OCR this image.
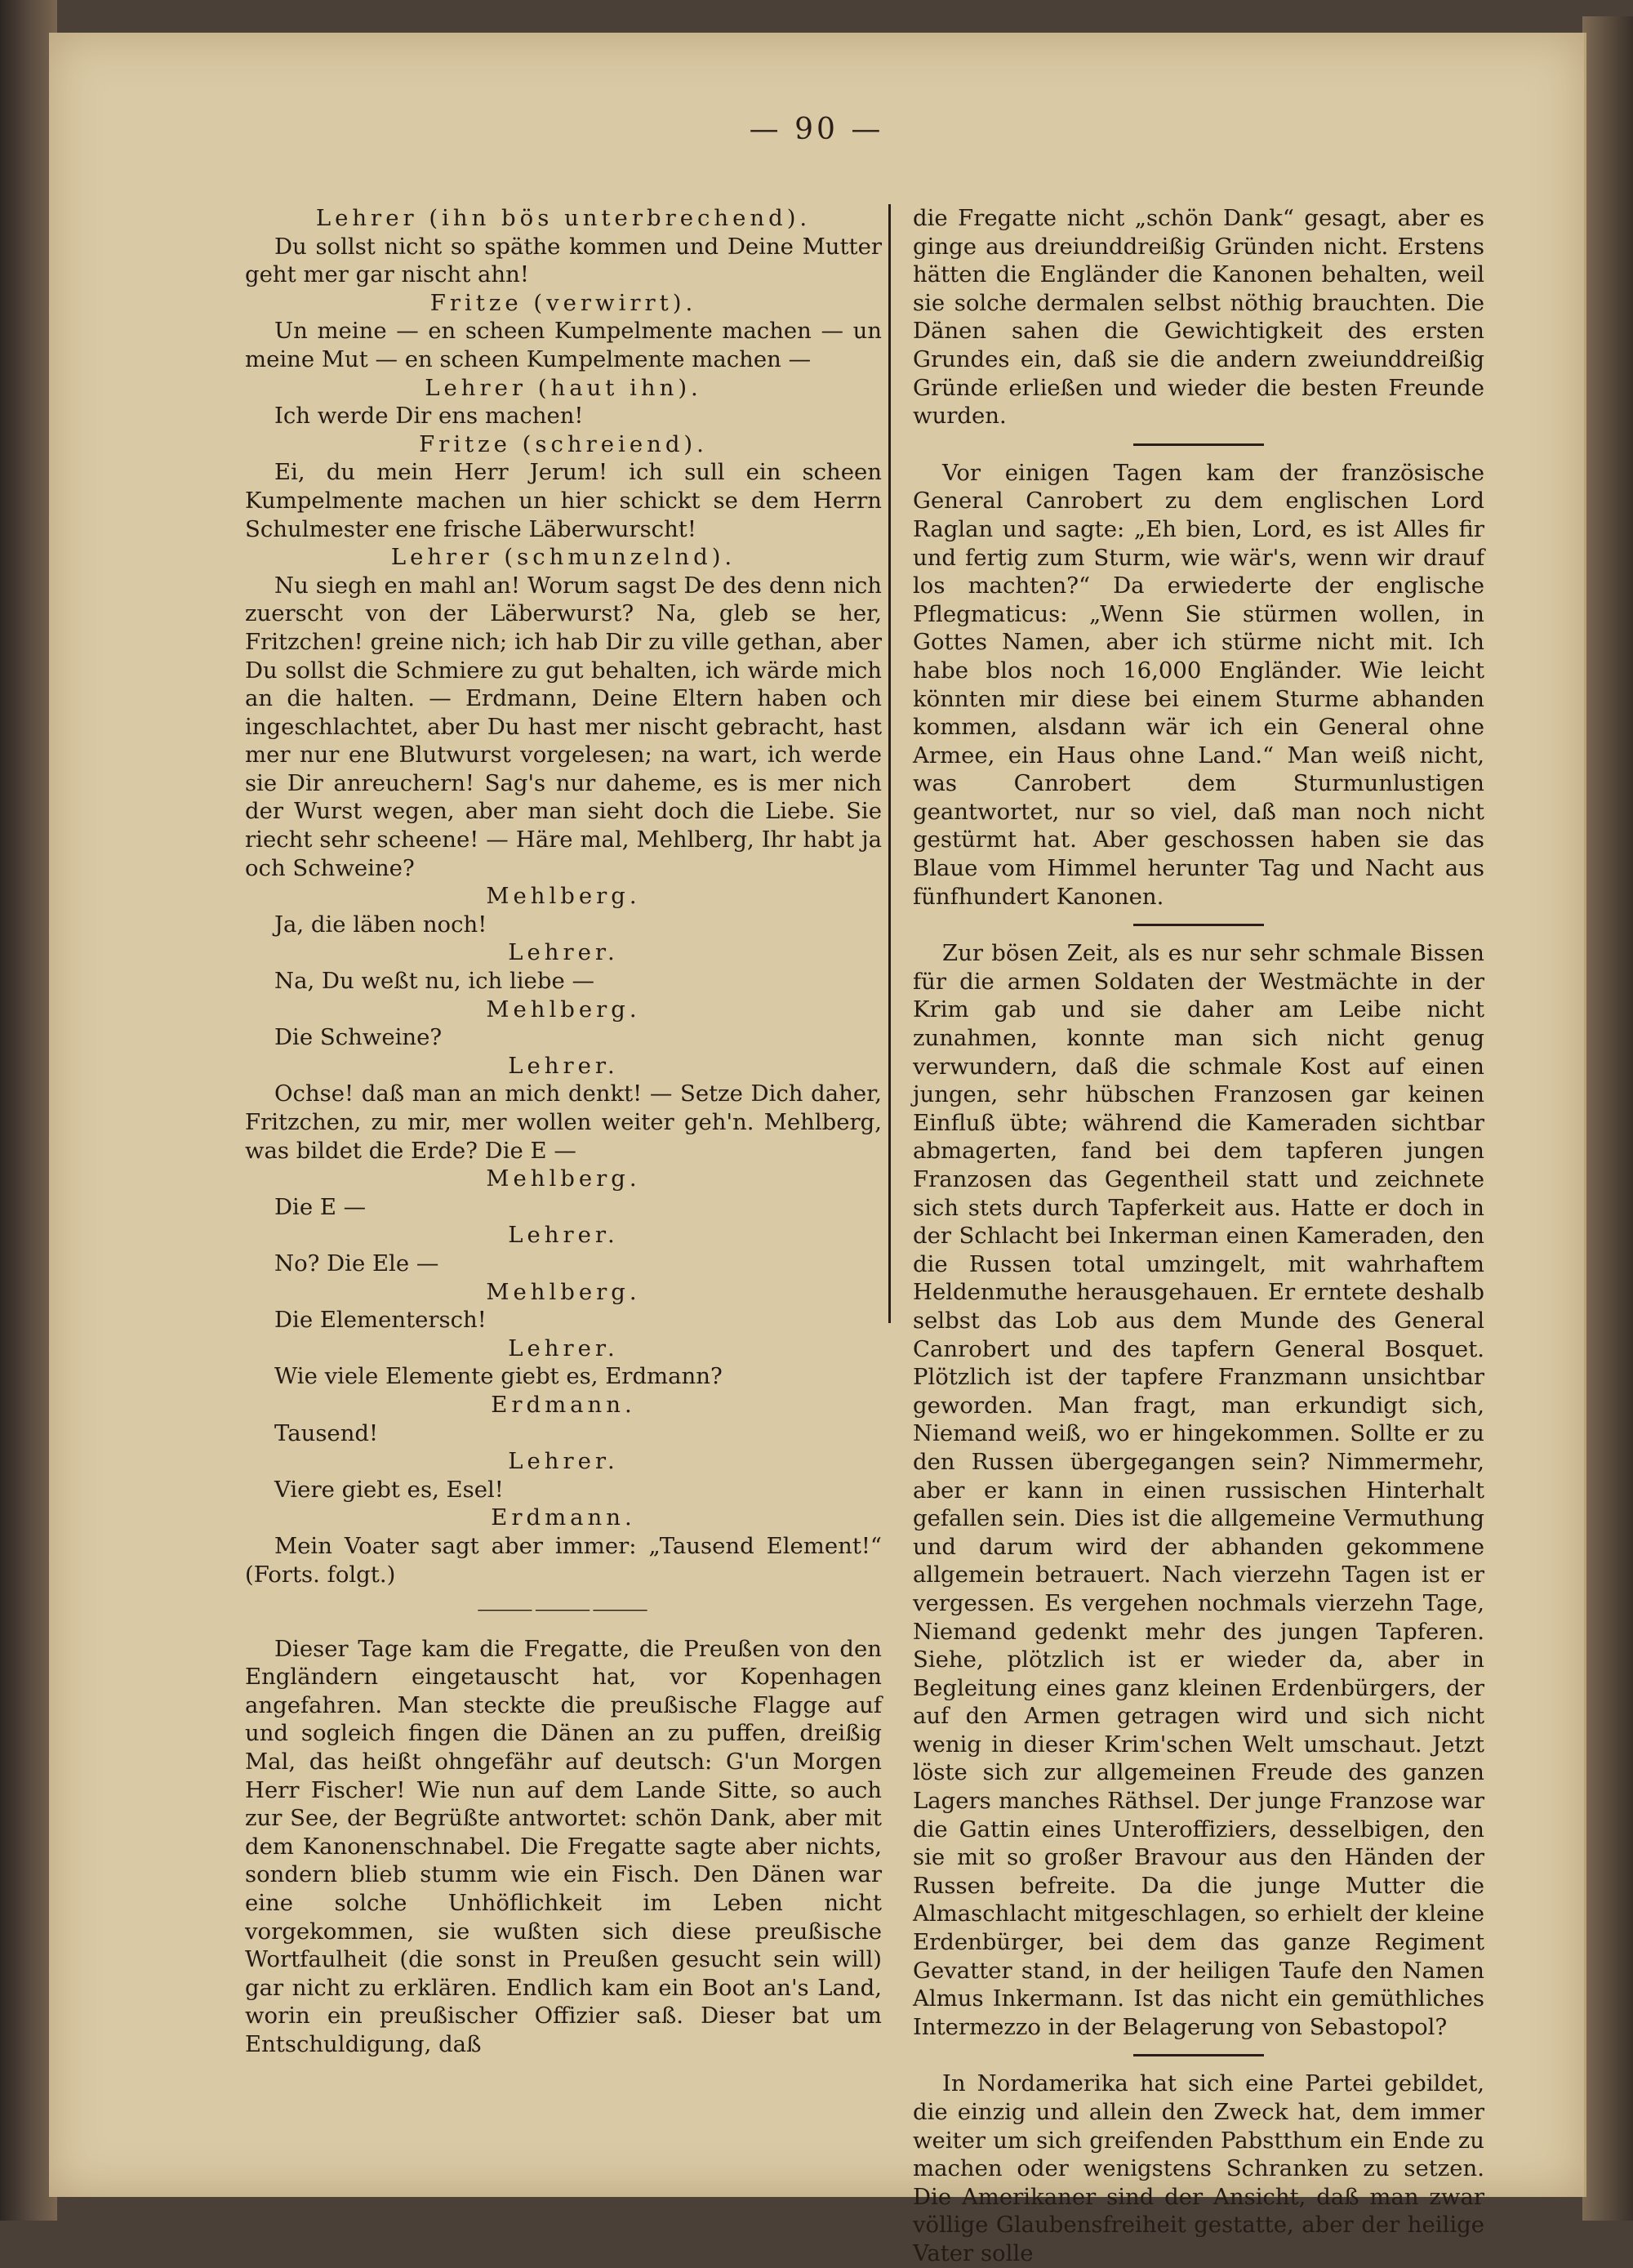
— 90 —
Lehrer (ihn bös unterbrechend).

Du sollst nicht so späthe kommen und Deine Mutter geht mer gar nischt ahn!

Fritze (verwirrt).

Un meine — en scheen Kumpelmente machen — un meine Mut — en scheen Kumpelmente machen —

Lehrer (haut ihn).

Ich werde Dir ens machen!

Fritze (schreiend).

Ei, du mein Herr Jerum! ich sull ein scheen Kumpelmente machen un hier schickt se dem Herrn Schulmester ene frische Läberwurscht!

Lehrer (schmunzelnd).

Nu siegh en mahl an! Worum sagst De des denn nich zuerscht von der Läberwurst? Na, gleb se her, Fritzchen! greine nich; ich hab Dir zu ville gethan, aber Du sollst die Schmiere zu gut behalten, ich wärde mich an die halten. — Erdmann, Deine Eltern haben och ingeschlachtet, aber Du hast mer nischt gebracht, hast mer nur ene Blutwurst vorgelesen; na wart, ich werde sie Dir anreuchern! Sag's nur daheme, es is mer nich der Wurst wegen, aber man sieht doch die Liebe. Sie riecht sehr scheene! — Häre mal, Mehlberg, Ihr habt ja och Schweine?

Mehlberg.

Ja, die läben noch!

Lehrer.

Na, Du weßt nu, ich liebe —

Mehlberg.

Die Schweine?

Lehrer.

Ochse! daß man an mich denkt! — Setze Dich daher, Fritzchen, zu mir, mer wollen weiter geh'n. Mehlberg, was bildet die Erde? Die E —

Mehlberg.

Die E —

Lehrer.

No? Die Ele —

Mehlberg.

Die Elementersch!

Lehrer.

Wie viele Elemente giebt es, Erdmann?

Erdmann.

Tausend!

Lehrer.

Viere giebt es, Esel!

Erdmann.

Mein Voater sagt aber immer: „Tausend Element!“ (Forts. folgt.)

⸻⸻⸻

Dieser Tage kam die Fregatte, die Preußen von den Engländern eingetauscht hat, vor Kopenhagen angefahren. Man steckte die preußische Flagge auf und sogleich fingen die Dänen an zu puffen, dreißig Mal, das heißt ohngefähr auf deutsch: G'un Morgen Herr Fischer! Wie nun auf dem Lande Sitte, so auch zur See, der Begrüßte antwortet: schön Dank, aber mit dem Kanonenschnabel. Die Fregatte sagte aber nichts, sondern blieb stumm wie ein Fisch. Den Dänen war eine solche Unhöflichkeit im Leben nicht vorgekommen, sie wußten sich diese preußische Wortfaulheit (die sonst in Preußen gesucht sein will) gar nicht zu erklären. Endlich kam ein Boot an's Land, worin ein preußischer Offizier saß. Dieser bat um Entschuldigung, daß

die Fregatte nicht „schön Dank“ gesagt, aber es ginge aus dreiunddreißig Gründen nicht. Erstens hätten die Engländer die Kanonen behalten, weil sie solche dermalen selbst nöthig brauchten. Die Dänen sahen die Gewichtigkeit des ersten Grundes ein, daß sie die andern zweiunddreißig Gründe erließen und wieder die besten Freunde wurden.

Vor einigen Tagen kam der französische General Canrobert zu dem englischen Lord Raglan und sagte: „Eh bien, Lord, es ist Alles fir und fertig zum Sturm, wie wär's, wenn wir drauf los machten?“ Da erwiederte der englische Pflegmaticus: „Wenn Sie stürmen wollen, in Gottes Namen, aber ich stürme nicht mit. Ich habe blos noch 16,000 Engländer. Wie leicht könnten mir diese bei einem Sturme abhanden kommen, alsdann wär ich ein General ohne Armee, ein Haus ohne Land.“ Man weiß nicht, was Canrobert dem Sturmunlustigen geantwortet, nur so viel, daß man noch nicht gestürmt hat. Aber geschossen haben sie das Blaue vom Himmel herunter Tag und Nacht aus fünfhundert Kanonen.

Zur bösen Zeit, als es nur sehr schmale Bissen für die armen Soldaten der Westmächte in der Krim gab und sie daher am Leibe nicht zunahmen, konnte man sich nicht genug verwundern, daß die schmale Kost auf einen jungen, sehr hübschen Franzosen gar keinen Einfluß übte; während die Kameraden sichtbar abmagerten, fand bei dem tapferen jungen Franzosen das Gegentheil statt und zeichnete sich stets durch Tapferkeit aus. Hatte er doch in der Schlacht bei Inkerman einen Kameraden, den die Russen total umzingelt, mit wahrhaftem Heldenmuthe herausgehauen. Er erntete deshalb selbst das Lob aus dem Munde des General Canrobert und des tapfern General Bosquet. Plötzlich ist der tapfere Franzmann unsichtbar geworden. Man fragt, man erkundigt sich, Niemand weiß, wo er hingekommen. Sollte er zu den Russen übergegangen sein? Nimmermehr, aber er kann in einen russischen Hinterhalt gefallen sein. Dies ist die allgemeine Vermuthung und darum wird der abhanden gekommene allgemein betrauert. Nach vierzehn Tagen ist er vergessen. Es vergehen nochmals vierzehn Tage, Niemand gedenkt mehr des jungen Tapferen. Siehe, plötzlich ist er wieder da, aber in Begleitung eines ganz kleinen Erdenbürgers, der auf den Armen getragen wird und sich nicht wenig in dieser Krim'schen Welt umschaut. Jetzt löste sich zur allgemeinen Freude des ganzen Lagers manches Räthsel. Der junge Franzose war die Gattin eines Unteroffiziers, desselbigen, den sie mit so großer Bravour aus den Händen der Russen befreite. Da die junge Mutter die Almaschlacht mitgeschlagen, so erhielt der kleine Erdenbürger, bei dem das ganze Regiment Gevatter stand, in der heiligen Taufe den Namen Almus Inkermann. Ist das nicht ein gemüthliches Intermezzo in der Belagerung von Sebastopol?

In Nordamerika hat sich eine Partei gebildet, die einzig und allein den Zweck hat, dem immer weiter um sich greifenden Pabstthum ein Ende zu machen oder wenigstens Schranken zu setzen. Die Amerikaner sind der Ansicht, daß man zwar völlige Glaubensfreiheit gestatte, aber der heilige Vater solle
